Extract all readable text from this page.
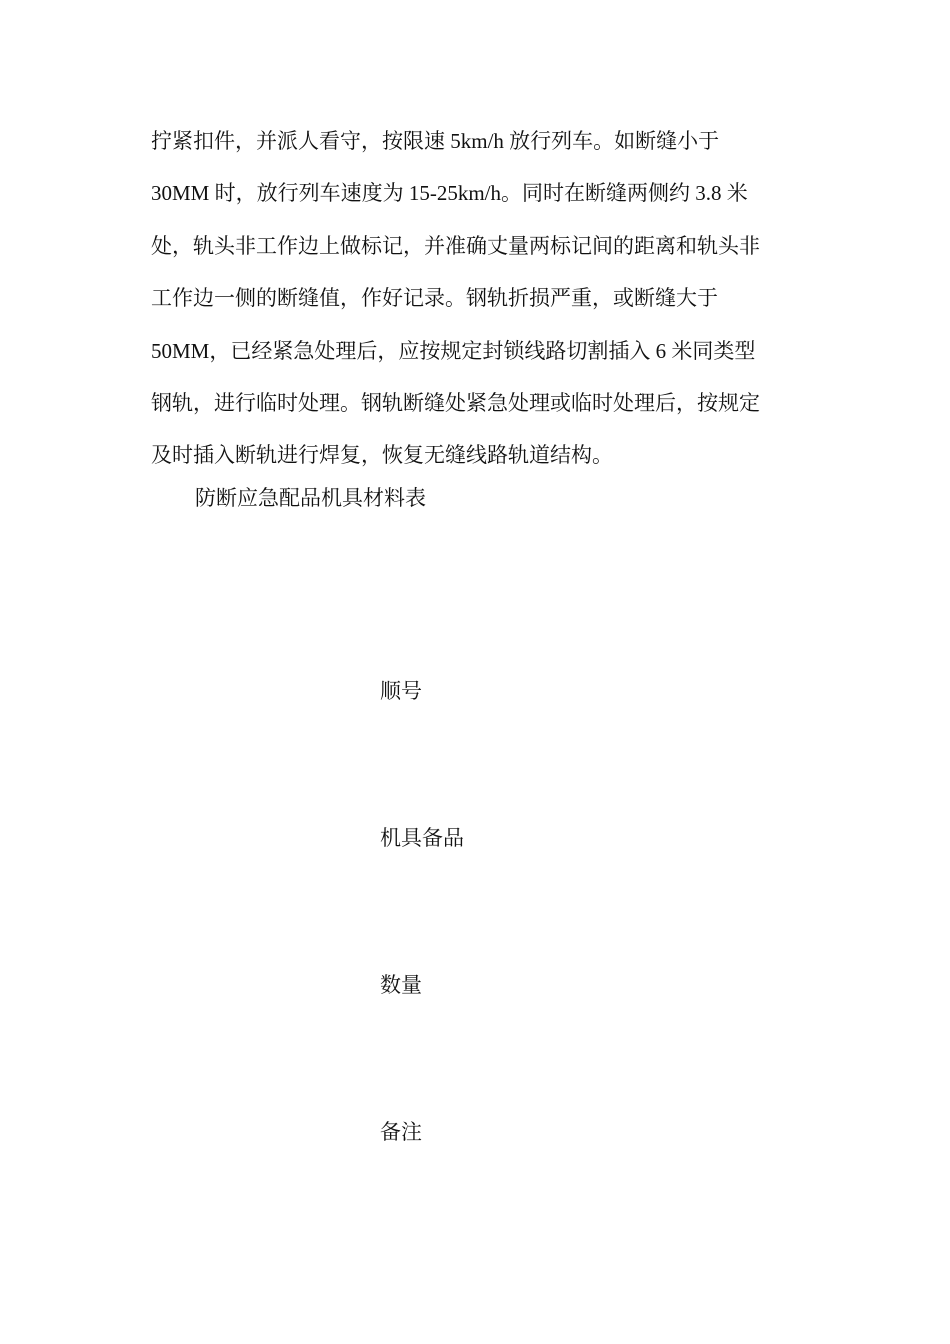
拧紧扣件，并派人看守，按限速 5km/h 放行列车。如断缝小于
30MM 时，放行列车速度为 15-25km/h。同时在断缝两侧约 3.8 米
处，轨头非工作边上做标记，并准确丈量两标记间的距离和轨头非
工作边一侧的断缝值，作好记录。钢轨折损严重，或断缝大于
50MM，已经紧急处理后，应按规定封锁线路切割插入 6 米同类型
钢轨，进行临时处理。钢轨断缝处紧急处理或临时处理后，按规定
及时插入断轨进行焊复，恢复无缝线路轨道结构。

防断应急配品机具材料表

顺号

机具备品

数量

备注
